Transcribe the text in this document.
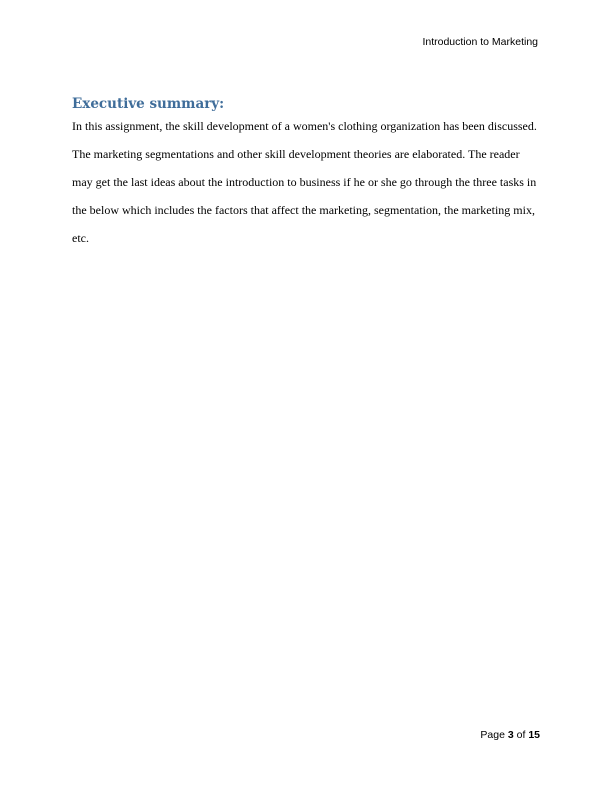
Introduction to Marketing
Executive summary:

In this assignment, the skill development of a women's clothing organization has been discussed.
The marketing segmentations and other skill development theories are elaborated. The reader
may get the last ideas about the introduction to business if he or she go through the three tasks in
the below which includes the factors that affect the marketing, segmentation, the marketing mix,
etc.

Page 3 of 15
